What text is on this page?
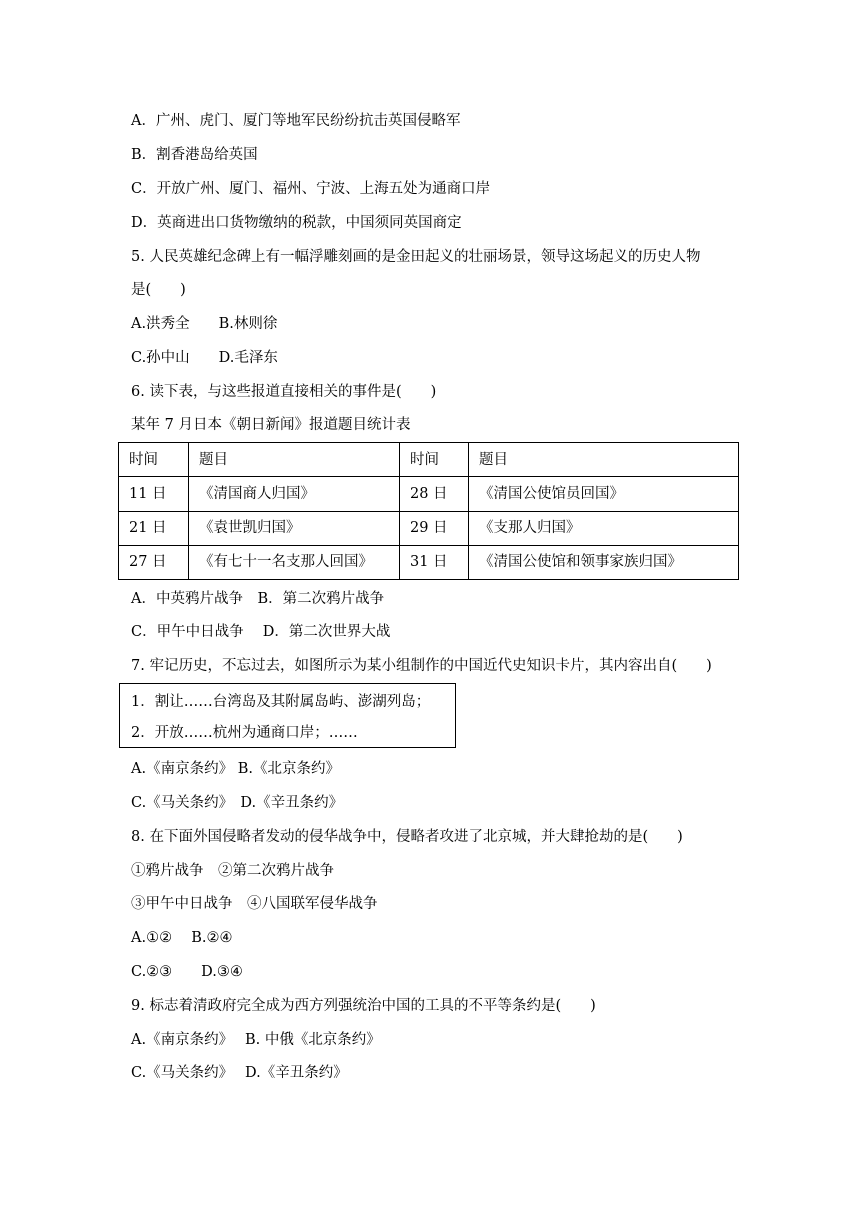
A．广州、虎门、厦门等地军民纷纷抗击英国侵略军
B．割香港岛给英国
C．开放广州、厦门、福州、宁波、上海五处为通商口岸
D．英商进出口货物缴纳的税款，中国须同英国商定
5. 人民英雄纪念碑上有一幅浮雕刻画的是金田起义的壮丽场景，领导这场起义的历史人物
是(　　)
A.洪秀全　　B.林则徐
C.孙中山　　D.毛泽东
6. 读下表，与这些报道直接相关的事件是(　　)
某年 7 月日本《朝日新闻》报道题目统计表
时间	题目	时间	题目
11 日	《清国商人归国》	28 日	《清国公使馆员回国》
21 日	《袁世凯归国》	29 日	《支那人归国》
27 日	《有七十一名支那人回国》	31 日	《清国公使馆和领事家族归国》
A．中英鸦片战争　B．第二次鸦片战争
C．甲午中日战争　 D．第二次世界大战
7. 牢记历史，不忘过去，如图所示为某小组制作的中国近代史知识卡片，其内容出自(　　)
1．割让……台湾岛及其附属岛屿、澎湖列岛；
2．开放……杭州为通商口岸；……
A.《南京条约》 B.《北京条约》
C.《马关条约》　D.《辛丑条约》
8. 在下面外国侵略者发动的侵华战争中，侵略者攻进了北京城，并大肆抢劫的是(　　)
①鸦片战争　②第二次鸦片战争
③甲午中日战争　④八国联军侵华战争
A.①②　 B.②④
C.②③　　D.③④
9. 标志着清政府完全成为西方列强统治中国的工具的不平等条约是(　　)
A.《南京条约》　 B. 中俄《北京条约》
C.《马关条约》　 D.《辛丑条约》
